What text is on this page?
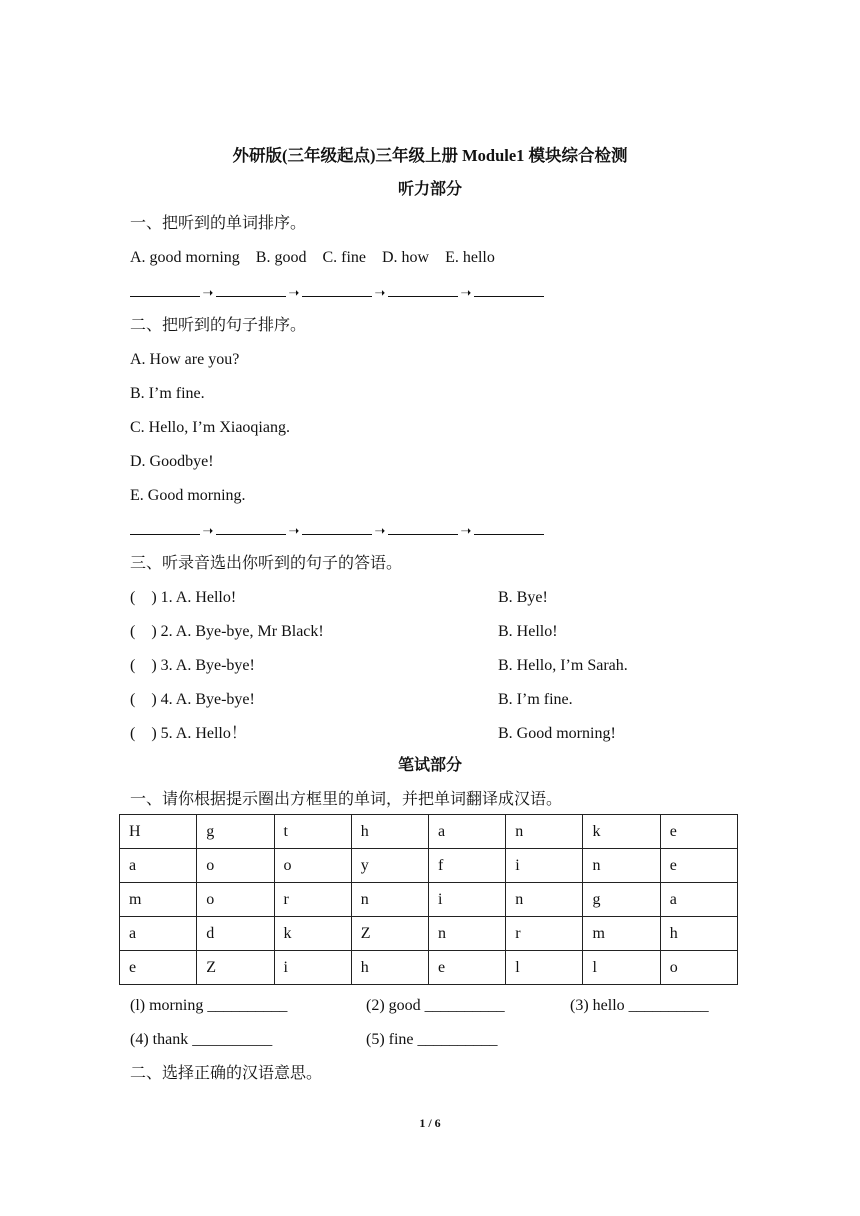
外研版(三年级起点)三年级上册 Module1 模块综合检测
听力部分
一、把听到的单词排序。
A. good morning    B. good    C. fine    D. how    E. hello
➝	➝	➝	➝
二、把听到的句子排序。
A. How are you?
B. I’m fine.
C. Hello, I’m Xiaoqiang.
D. Goodbye!
E. Good morning.
➝	➝	➝	➝
三、听录音选出你听到的句子的答语。
(    ) 1. A. Hello!	B. Bye!
(    ) 2. A. Bye-bye, Mr Black!	B. Hello!
(    ) 3. A. Bye-bye!	B. Hello, I’m Sarah.
(    ) 4. A. Bye-bye!	B. I’m fine.
(    ) 5. A. Hello！	B. Good morning!
笔试部分
一、请你根据提示圈出方框里的单词，并把单词翻译成汉语。
H	g	t	h	a	n	k	e
a	o	o	y	f	i	n	e
m	o	r	n	i	n	g	a
a	d	k	Z	n	r	m	h
e	Z	i	h	e	l	l	o
(l) morning __________	(2) good __________	(3) hello __________
(4) thank __________	(5) fine __________
二、选择正确的汉语意思。
1 / 6
